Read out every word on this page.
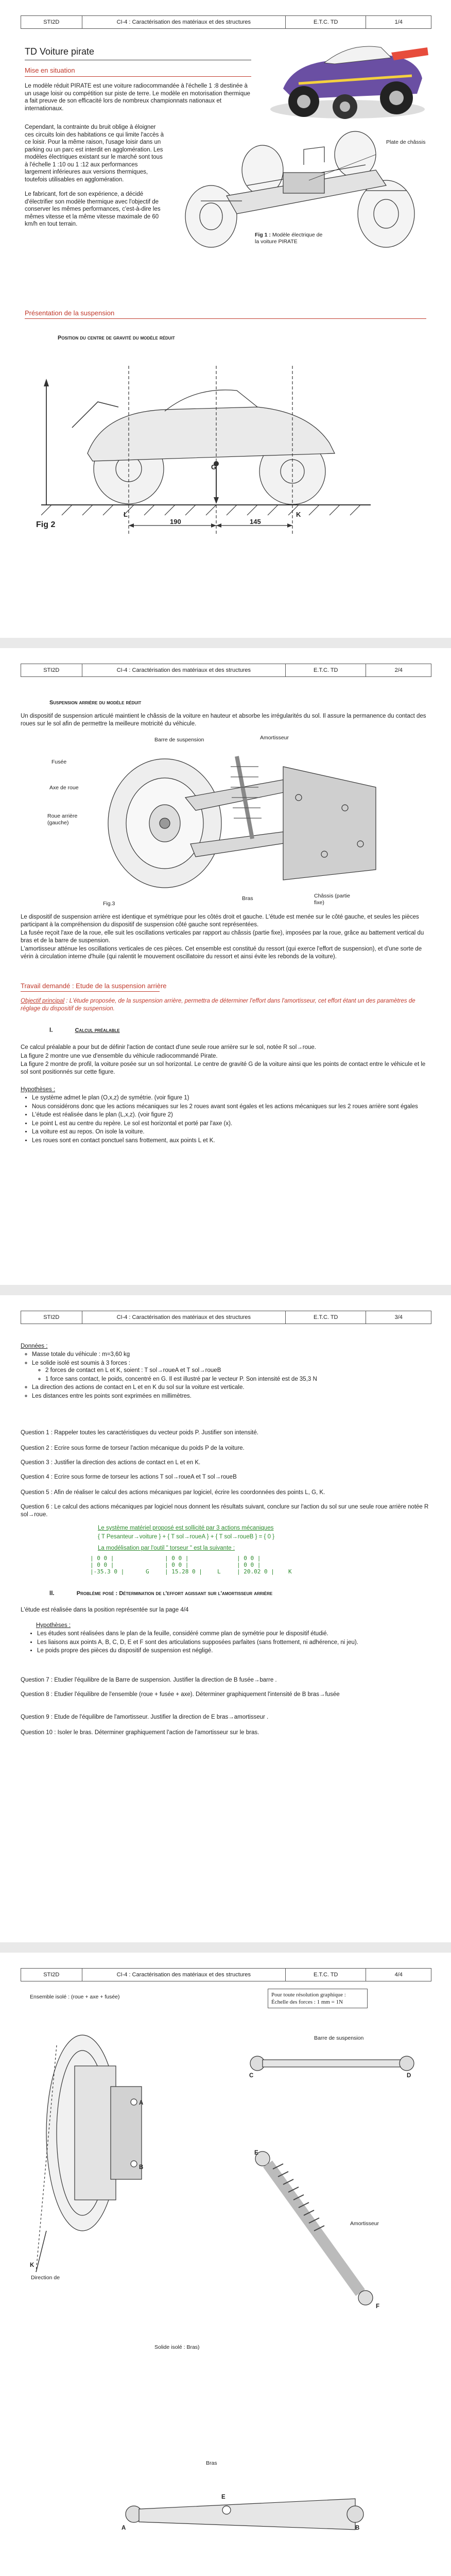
STI2D	CI-4 : Caractérisation des matériaux et des structures	E.T.C. TD	1/4
TD Voiture pirate
Mise en situation

Le modèle réduit PIRATE est une voiture radiocommandée à l'échelle 1 :8 destinée à un usage loisir ou compétition sur piste de terre. Le modèle en motorisation thermique a fait preuve de son efficacité lors de nombreux championnats nationaux et internationaux.

Cependant, la contrainte du bruit oblige à éloigner ces circuits loin des habitations ce qui limite l'accès à ce loisir. Pour la même raison, l'usage loisir dans un parking ou un parc est interdit en agglomération. Les modèles électriques existant sur le marché sont tous à l'échelle 1 :10 ou 1 :12 aux performances largement inférieures aux versions thermiques, toutefois utilisables en agglomération.

Le fabricant, fort de son expérience, a décidé d'électrifier son modèle thermique avec l'objectif de conserver les mêmes performances, c'est-à-dire les mêmes vitesse et la même vitesse maximale de 60 km/h en tout terrain.

Plate de châssis
Fig 1 : Modèle électrique de la voiture PIRATE
Présentation de la suspension
Position du centre de gravité du modèle réduit
G
L	K
190	145
Fig 2
STI2D	CI-4 : Caractérisation des matériaux et des structures	E.T.C. TD	2/4
Suspension arrière du modèle réduit
Un dispositif de suspension articulé maintient le châssis de la voiture en hauteur et absorbe les irrégularités du sol. Il assure la permanence du contact des roues sur le sol afin de permettre la meilleure motricité du véhicule.
Barre de suspension	Amortisseur
Fusée
Axe de roue
Roue arrière (gauche)
Bras	Châssis (partie fixe)
Fig.3

Le dispositif de suspension arrière est identique et symétrique pour les côtés droit et gauche. L'étude est menée sur le côté gauche, et seules les pièces participant à la compréhension du dispositif de suspension côté gauche sont représentées.

La fusée reçoit l'axe de la roue, elle suit les oscillations verticales par rapport au châssis (partie fixe), imposées par la roue, grâce au battement vertical du bras et de la barre de suspension.

L'amortisseur atténue les oscillations verticales de ces pièces. Cet ensemble est constitué du ressort (qui exerce l'effort de suspension), et d'une sorte de vérin à circulation interne d'huile (qui ralentit le mouvement oscillatoire du ressort et ainsi évite les rebonds de la voiture).

Travail demandé : Etude de la suspension arrière
Objectif principal : L'étude proposée, de la suspension arrière, permettra de déterminer l'effort dans l'amortisseur, cet effort étant un des paramètres de réglage du dispositif de suspension.
I.	Calcul préalable

Ce calcul préalable a pour but de définir l'action de contact d'une seule roue arrière sur le sol, notée R sol→roue.

La figure 2 montre une vue d'ensemble du véhicule radiocommandé Pirate.

La figure 2 montre de profil, la voiture posée sur un sol horizontal. Le centre de gravité G de la voiture ainsi que les points de contact entre le véhicule et le sol sont positionnés sur cette figure.

Hypothèses :
• Le système admet le plan (O,x,z) de symétrie. (voir figure 1)
• Nous considérons donc que les actions mécaniques sur les 2 roues avant sont égales et les actions mécaniques sur les 2 roues arrière sont égales
• L'étude est réalisée dans le plan (L,x,z). (voir figure 2)
• Le point L est au centre du repère. Le sol est horizontal et porté par l'axe (x).
• La voiture est au repos. On isole la voiture.
• Les roues sont en contact ponctuel sans frottement, aux points L et K.
STI2D	CI-4 : Caractérisation des matériaux et des structures	E.T.C. TD	3/4
Données :
◦ Masse totale du véhicule : m=3,60 kg
◦ Le solide isolé est soumis à 3 forces :
◦ 2 forces de contact en L et K, soient : T sol→roueA et T sol→roueB
◦ 1 force sans contact, le poids, concentré en G. Il est illustré par le vecteur P. Son intensité est de 35,3 N
◦ La direction des actions de contact en L et en K du sol sur la voiture est verticale.
◦ Les distances entre les points sont exprimées en millimètres.
Question 1 : Rappeler toutes les caractéristiques du vecteur poids P. Justifier son intensité.
Question 2 : Ecrire sous forme de torseur l'action mécanique du poids P de la voiture.
Question 3 : Justifier la direction des actions de contact en L et en K.
Question 4 : Ecrire sous forme de torseur les actions T sol→roueA et T sol→roueB
Question 5 : Afin de réaliser le calcul des actions mécaniques par logiciel, écrire les coordonnées des points L, G, K.
Question 6 : Le calcul des actions mécaniques par logiciel nous donnent les résultats suivant, conclure sur l'action du sol sur une seule roue arrière notée R sol→roue.
Le système matériel proposé est sollicité par 3 actions mécaniques
{ T Pesanteur→voiture } + { T sol→roueA } + { T sol→roueB } = { 0 }
La modélisation par l'outil " torseur " est la suivante :
| 0 0 |
| 0 0 |
|-35.3 0 |	G
| 0 0 |
| 0 0 |
| 15.28 0 |	L
| 0 0 |
| 0 0 |
| 20.02 0 | K
II.	Problème posé : Détermination de l'effort agissant sur l'amortisseur arrière
L'étude est réalisée dans la position représentée sur la page 4/4
Hypothèses :
• Les études sont réalisées dans le plan de la feuille, considéré comme plan de symétrie pour le dispositif étudié.
• Les liaisons aux points A, B, C, D, E et F sont des articulations supposées parfaites (sans frottement, ni adhérence, ni jeu).
• Le poids propre des pièces du dispositif de suspension est négligé.
Question 7 : Etudier l'équilibre de la Barre de suspension. Justifier la direction de B fusée→barre .
Question 8 : Etudier l'équilibre de l'ensemble (roue + fusée + axe). Déterminer graphiquement l'intensité de B bras→fusée
Question 9 : Etude de l'équilibre de l'amortisseur. Justifier la direction de E bras→amortisseur .
Question 10 : Isoler le bras. Déterminer graphiquement l'action de l'amortisseur sur le bras.
STI2D	CI-4 : Caractérisation des matériaux et des structures	E.T.C. TD	4/4
Ensemble isolé : (roue + axe + fusée)	Pour toute résolution graphique :
Échelle des forces : 1 mm = 1N
A
B
K
Direction de
Barre de suspension
C	D
Amortisseur
E
F
Solide isolé : Bras)
Bras
A
E
B
